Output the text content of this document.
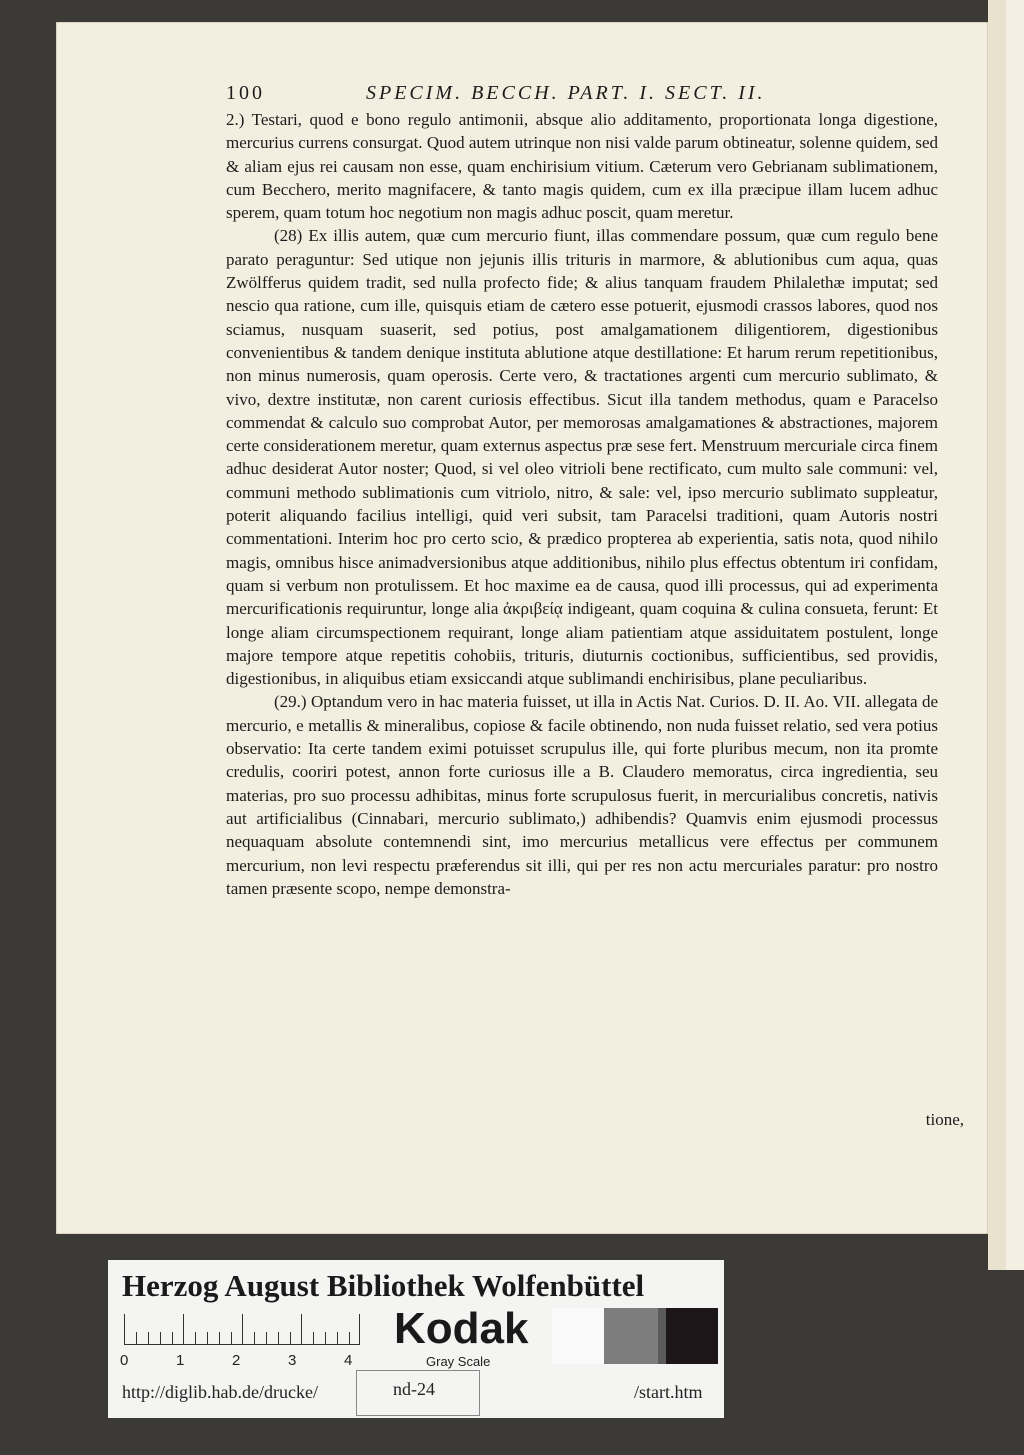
100	SPECIM. BECCH. PART. I. SECT. II.

2.) Testari, quod e bono regulo antimonii, absque alio additamento, proportionata longa digestione, mercurius currens consurgat. Quod autem utrinque non nisi valde parum obtineatur, solenne quidem, sed & aliam ejus rei causam non esse, quam enchirisium vitium. Cæterum vero Gebrianam sublimationem, cum Becchero, merito magnifacere, & tanto magis quidem, cum ex illa præcipue illam lucem adhuc sperem, quam totum hoc negotium non magis adhuc poscit, quam meretur.

(28) Ex illis autem, quæ cum mercurio fiunt, illas commendare possum, quæ cum regulo bene parato peraguntur: Sed utique non jejunis illis trituris in marmore, & ablutionibus cum aqua, quas Zwölfferus quidem tradit, sed nulla profecto fide; & alius tanquam fraudem Philalethæ imputat; sed nescio qua ratione, cum ille, quisquis etiam de cætero esse potuerit, ejusmodi crassos labores, quod nos sciamus, nusquam suaserit, sed potius, post amalgamationem diligentiorem, digestionibus convenientibus & tandem denique instituta ablutione atque destillatione: Et harum rerum repetitionibus, non minus numerosis, quam operosis. Certe vero, & tractationes argenti cum mercurio sublimato, & vivo, dextre institutæ, non carent curiosis effectibus. Sicut illa tandem methodus, quam e Paracelso commendat & calculo suo comprobat Autor, per memorosas amalgamationes & abstractiones, majorem certe considerationem meretur, quam externus aspectus præ sese fert. Menstruum mercuriale circa finem adhuc desiderat Autor noster; Quod, si vel oleo vitrioli bene rectificato, cum multo sale communi: vel, communi methodo sublimationis cum vitriolo, nitro, & sale: vel, ipso mercurio sublimato suppleatur, poterit aliquando facilius intelligi, quid veri subsit, tam Paracelsi traditioni, quam Autoris nostri commentationi. Interim hoc pro certo scio, & prædico propterea ab experientia, satis nota, quod nihilo magis, omnibus hisce animadversionibus atque additionibus, nihilo plus effectus obtentum iri confidam, quam si verbum non protulissem. Et hoc maxime ea de causa, quod illi processus, qui ad experimenta mercurificationis requiruntur, longe alia ἀκριβείᾳ indigeant, quam coquina & culina consueta, ferunt: Et longe aliam circumspectionem requirant, longe aliam patientiam atque assiduitatem postulent, longe majore tempore atque repetitis cohobiis, trituris, diuturnis coctionibus, sufficientibus, sed providis, digestionibus, in aliquibus etiam exsiccandi atque sublimandi enchirisibus, plane peculiaribus.

(29.) Optandum vero in hac materia fuisset, ut illa in Actis Nat. Curios. D. II. Ao. VII. allegata de mercurio, e metallis & mineralibus, copiose & facile obtinendo, non nuda fuisset relatio, sed vera potius observatio: Ita certe tandem eximi potuisset scrupulus ille, qui forte pluribus mecum, non ita promte credulis, cooriri potest, annon forte curiosus ille a B. Claudero memoratus, circa ingredientia, seu materias, pro suo processu adhibitas, minus forte scrupulosus fuerit, in mercurialibus concretis, nativis aut artificialibus (Cinnabari, mercurio sublimato,) adhibendis? Quamvis enim ejusmodi processus nequaquam absolute contemnendi sint, imo mercurius metallicus vere effectus per communem mercurium, non levi respectu præferendus sit illi, qui per res non actu mercuriales paratur: pro nostro tamen præsente scopo, nempe demonstra-

tione,
Herzog August Bibliothek Wolfenbüttel
0	1	2	3	4
Kodak
Gray Scale
http://diglib.hab.de/drucke/	nd-24	/start.htm
